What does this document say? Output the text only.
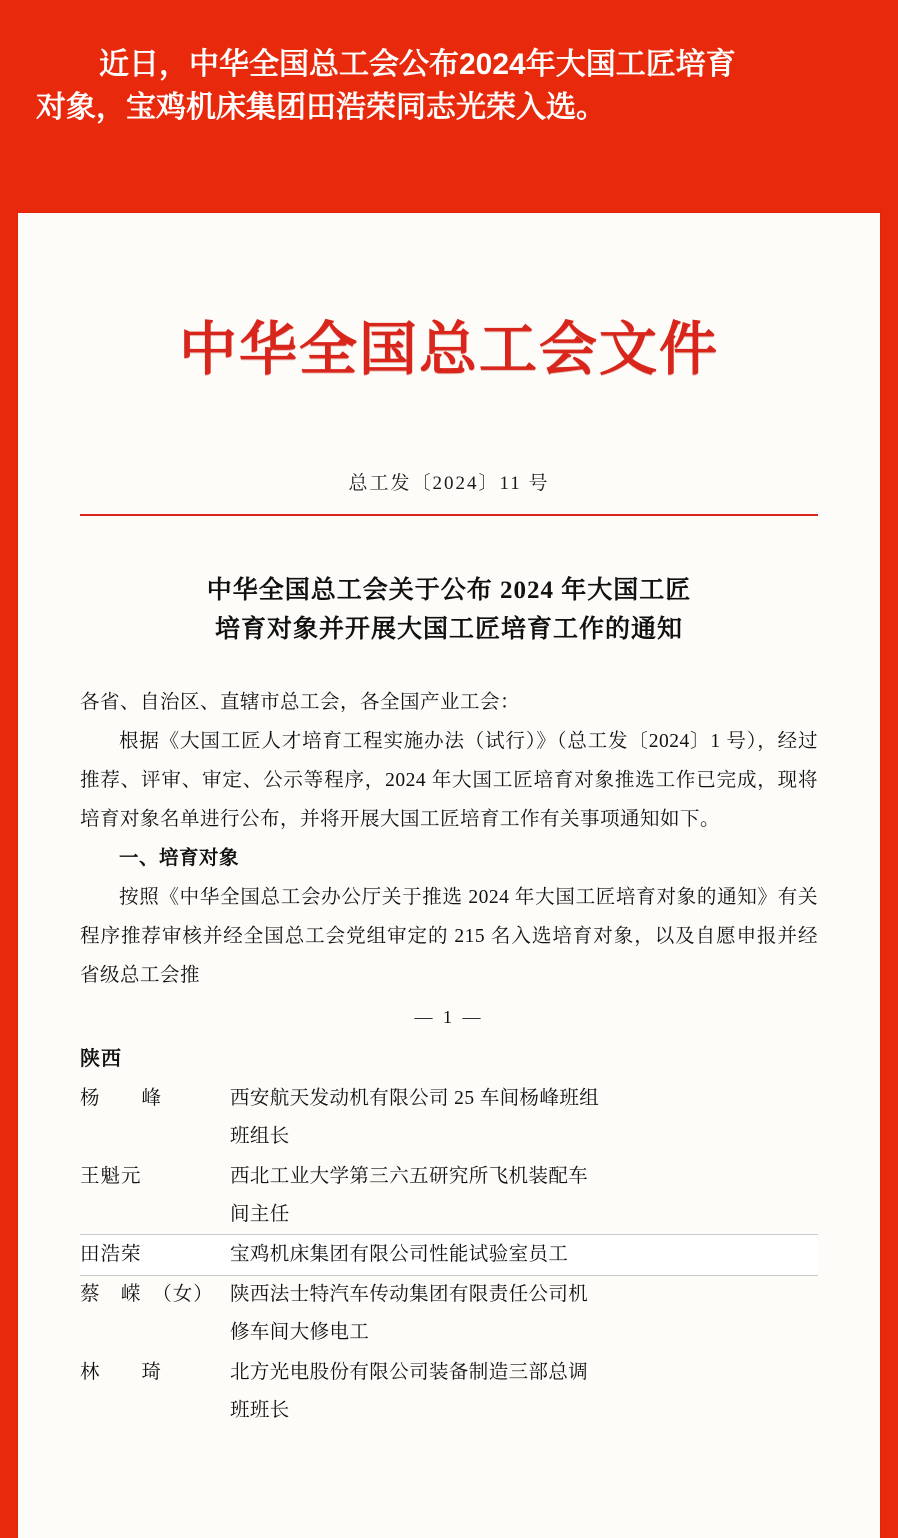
近日，中华全国总工会公布2024年大国工匠培育
对象，宝鸡机床集团田浩荣同志光荣入选。
中华全国总工会文件
总工发〔2024〕11 号
中华全国总工会关于公布 2024 年大国工匠
培育对象并开展大国工匠培育工作的通知

各省、自治区、直辖市总工会，各全国产业工会：

根据《大国工匠人才培育工程实施办法（试行）》（总工发〔2024〕1 号），经过推荐、评审、审定、公示等程序，2024 年大国工匠培育对象推选工作已完成，现将培育对象名单进行公布，并将开展大国工匠培育工作有关事项通知如下。

一、培育对象

按照《中华全国总工会办公厅关于推选 2024 年大国工匠培育对象的通知》有关程序推荐审核并经全国总工会党组审定的 215 名入选培育对象，以及自愿申报并经省级总工会推

— 1 —
陕西
杨　　峰	西安航天发动机有限公司 25 车间杨峰班组
班组长
王魁元	西北工业大学第三六五研究所飞机装配车
间主任
田浩荣	宝鸡机床集团有限公司性能试验室员工
蔡　嵘　（女） 陕西法士特汽车传动集团有限责任公司机
修车间大修电工
林　　琦	北方光电股份有限公司装备制造三部总调
班班长
